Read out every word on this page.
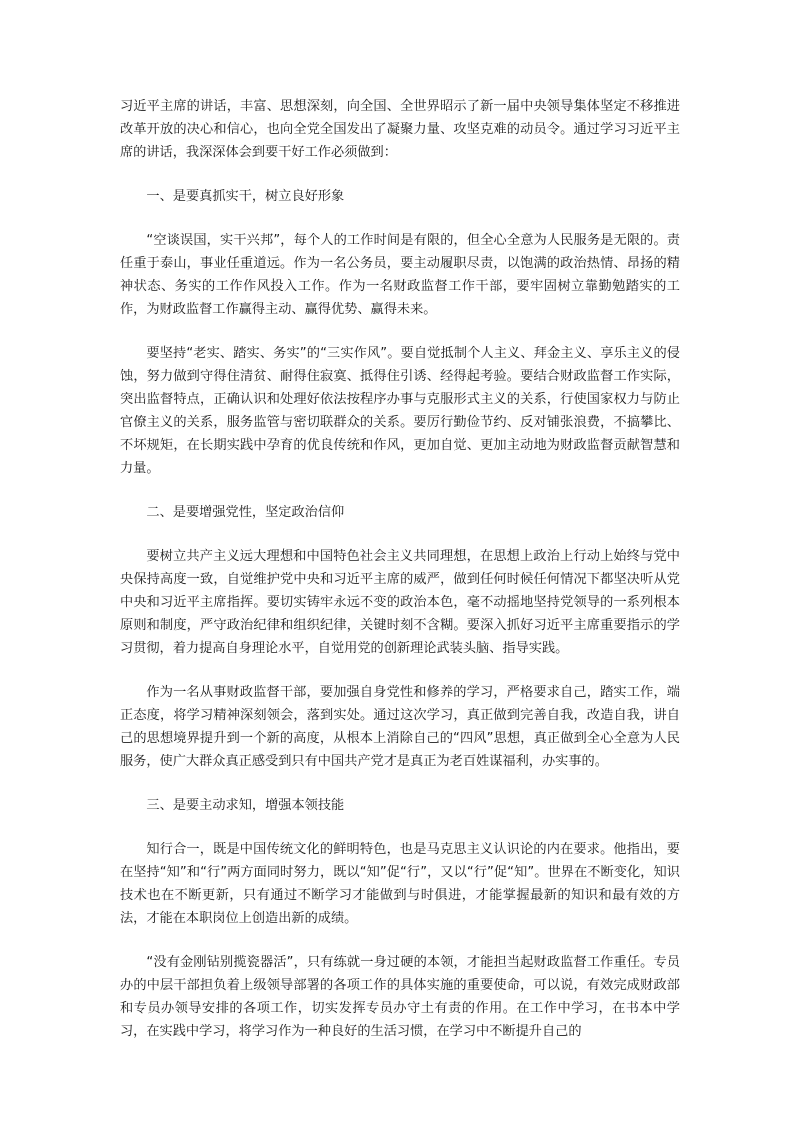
习近平主席的讲话，丰富、思想深刻，向全国、全世界昭示了新一届中央领导集体坚定不移推进改革开放的决心和信心，也向全党全国发出了凝聚力量、攻坚克难的动员令。通过学习习近平主席的讲话，我深深体会到要干好工作必须做到：

一、是要真抓实干，树立良好形象

“空谈误国，实干兴邦”，每个人的工作时间是有限的，但全心全意为人民服务是无限的。责任重于泰山，事业任重道远。作为一名公务员，要主动履职尽责，以饱满的政治热情、昂扬的精神状态、务实的工作作风投入工作。作为一名财政监督工作干部，要牢固树立靠勤勉踏实的工作，为财政监督工作赢得主动、赢得优势、赢得未来。

要坚持“老实、踏实、务实”的“三实作风”。要自觉抵制个人主义、拜金主义、享乐主义的侵蚀，努力做到守得住清贫、耐得住寂寞、抵得住引诱、经得起考验。要结合财政监督工作实际，突出监督特点，正确认识和处理好依法按程序办事与克服形式主义的关系，行使国家权力与防止官僚主义的关系，服务监管与密切联群众的关系。要厉行勤俭节约、反对铺张浪费，不搞攀比、不坏规矩，在长期实践中孕育的优良传统和作风，更加自觉、更加主动地为财政监督贡献智慧和力量。

二、是要增强党性，坚定政治信仰

要树立共产主义远大理想和中国特色社会主义共同理想，在思想上政治上行动上始终与党中央保持高度一致，自觉维护党中央和习近平主席的威严，做到任何时候任何情况下都坚决听从党中央和习近平主席指挥。要切实铸牢永远不变的政治本色，毫不动摇地坚持党领导的一系列根本原则和制度，严守政治纪律和组织纪律，关键时刻不含糊。要深入抓好习近平主席重要指示的学习贯彻，着力提高自身理论水平，自觉用党的创新理论武装头脑、指导实践。

作为一名从事财政监督干部，要加强自身党性和修养的学习，严格要求自己，踏实工作，端正态度，将学习精神深刻领会，落到实处。通过这次学习，真正做到完善自我，改造自我，讲自己的思想境界提升到一个新的高度，从根本上消除自己的“四风”思想，真正做到全心全意为人民服务，使广大群众真正感受到只有中国共产党才是真正为老百姓谋福利，办实事的。

三、是要主动求知，增强本领技能

知行合一，既是中国传统文化的鲜明特色，也是马克思主义认识论的内在要求。他指出，要在坚持“知”和“行”两方面同时努力，既以“知”促“行”，又以“行”促“知”。世界在不断变化，知识技术也在不断更新，只有通过不断学习才能做到与时俱进，才能掌握最新的知识和最有效的方法，才能在本职岗位上创造出新的成绩。

“没有金刚钻别揽瓷器活”，只有练就一身过硬的本领，才能担当起财政监督工作重任。专员办的中层干部担负着上级领导部署的各项工作的具体实施的重要使命，可以说，有效完成财政部和专员办领导安排的各项工作，切实发挥专员办守土有责的作用。在工作中学习，在书本中学习，在实践中学习，将学习作为一种良好的生活习惯，在学习中不断提升自己的
